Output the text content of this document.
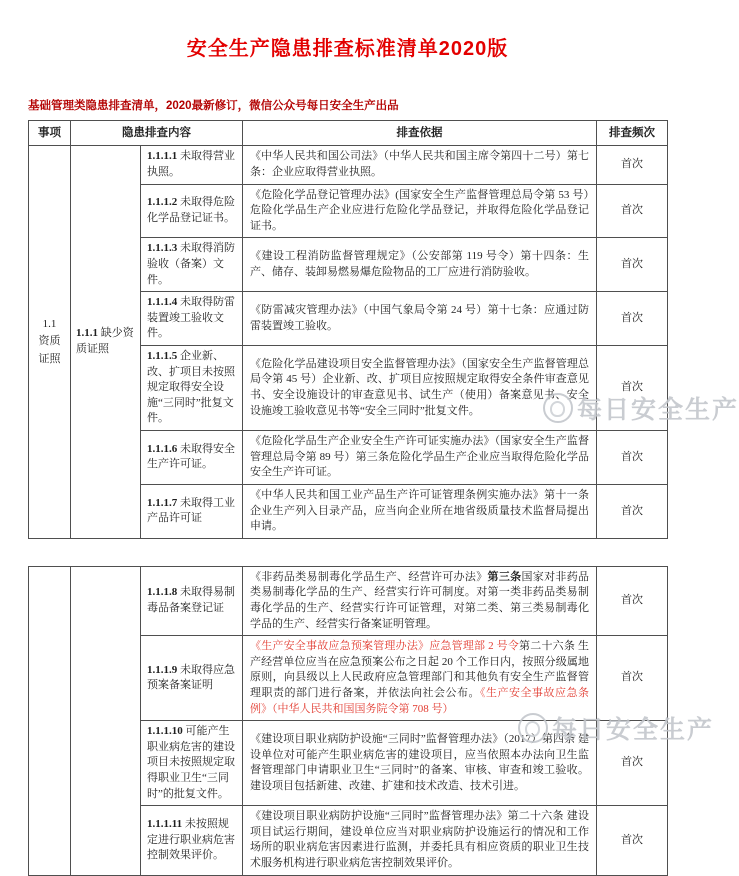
安全生产隐患排查标准清单2020版
基础管理类隐患排查清单，2020最新修订，微信公众号每日安全生产出品
事项	隐患排查内容		排查依据	排查频次

1.1
资质
证照	1.1.1 缺少资质证照	1.1.1.1 未取得营业执照。	《中华人民共和国公司法》（中华人民共和国主席令第四十二号）第七条：企业应取得营业执照。	首次
		1.1.1.2 未取得危险化学品登记证书。	《危险化学品登记管理办法》(国家安全生产监督管理总局令第 53 号）危险化学品生产企业应进行危险化学品登记，并取得危险化学品登记证书。	首次
		1.1.1.3 未取得消防验收（备案）文件。	《建设工程消防监督管理规定》（公安部第 119 号令）第十四条：生产、储存、装卸易燃易爆危险物品的工厂应进行消防验收。	首次
		1.1.1.4 未取得防雷装置竣工验收文件。	《防雷减灾管理办法》（中国气象局令第 24 号）第十七条：应通过防雷装置竣工验收。	首次
		1.1.1.5 企业新、改、扩项目未按照规定取得安全设施“三同时”批复文件。	《危险化学品建设项目安全监督管理办法》（国家安全生产监督管理总局令第 45 号）企业新、改、扩项目应按照规定取得安全条件审查意见书、安全设施设计的审查意见书、试生产（使用）备案意见书、安全设施竣工验收意见书等“安全三同时”批复文件。	首次
		1.1.1.6 未取得安全生产许可证。	《危险化学品生产企业安全生产许可证实施办法》（国家安全生产监督管理总局令第 89 号）第三条危险化学品生产企业应当取得危险化学品安全生产许可证。	首次
		1.1.1.7 未取得工业产品许可证	《中华人民共和国工业产品生产许可证管理条例实施办法》第十一条 企业生产列入目录产品，应当向企业所在地省级质量技术监督局提出申请。	首次
		1.1.1.8 未取得易制毒品备案登记证	《非药品类易制毒化学品生产、经营许可办法》第三条国家对非药品类易制毒化学品的生产、经营实行许可制度。对第一类非药品类易制毒化学品的生产、经营实行许可证管理，对第二类、第三类易制毒化学品的生产、经营实行备案证明管理。	首次
		1.1.1.9 未取得应急预案备案证明	《生产安全事故应急预案管理办法》应急管理部 2 号令第二十六条 生产经营单位应当在应急预案公布之日起 20 个工作日内，按照分级属地原则，向县级以上人民政府应急管理部门和其他负有安全生产监督管理职责的部门进行备案，并依法向社会公布。《生产安全事故应急条例》（中华人民共和国国务院令第 708 号）	首次
		1.1.1.10 可能产生职业病危害的建设项目未按照规定取得职业卫生“三同时”的批复文件。	《建设项目职业病防护设施“三同时”监督管理办法》（2017）第四条 建设单位对可能产生职业病危害的建设项目，应当依照本办法向卫生监督管理部门申请职业卫生“三同时”的备案、审核、审查和竣工验收。建设项目包括新建、改建、扩建和技术改造、技术引进。	首次
		1.1.1.11 未按照规定进行职业病危害控制效果评价。	《建设项目职业病防护设施“三同时”监督管理办法》第二十六条 建设项目试运行期间，建设单位应当对职业病防护设施运行的情况和工作场所的职业病危害因素进行监测，并委托具有相应资质的职业卫生技术服务机构进行职业病危害控制效果评价。	首次
每日安全生产
每日安全生产
